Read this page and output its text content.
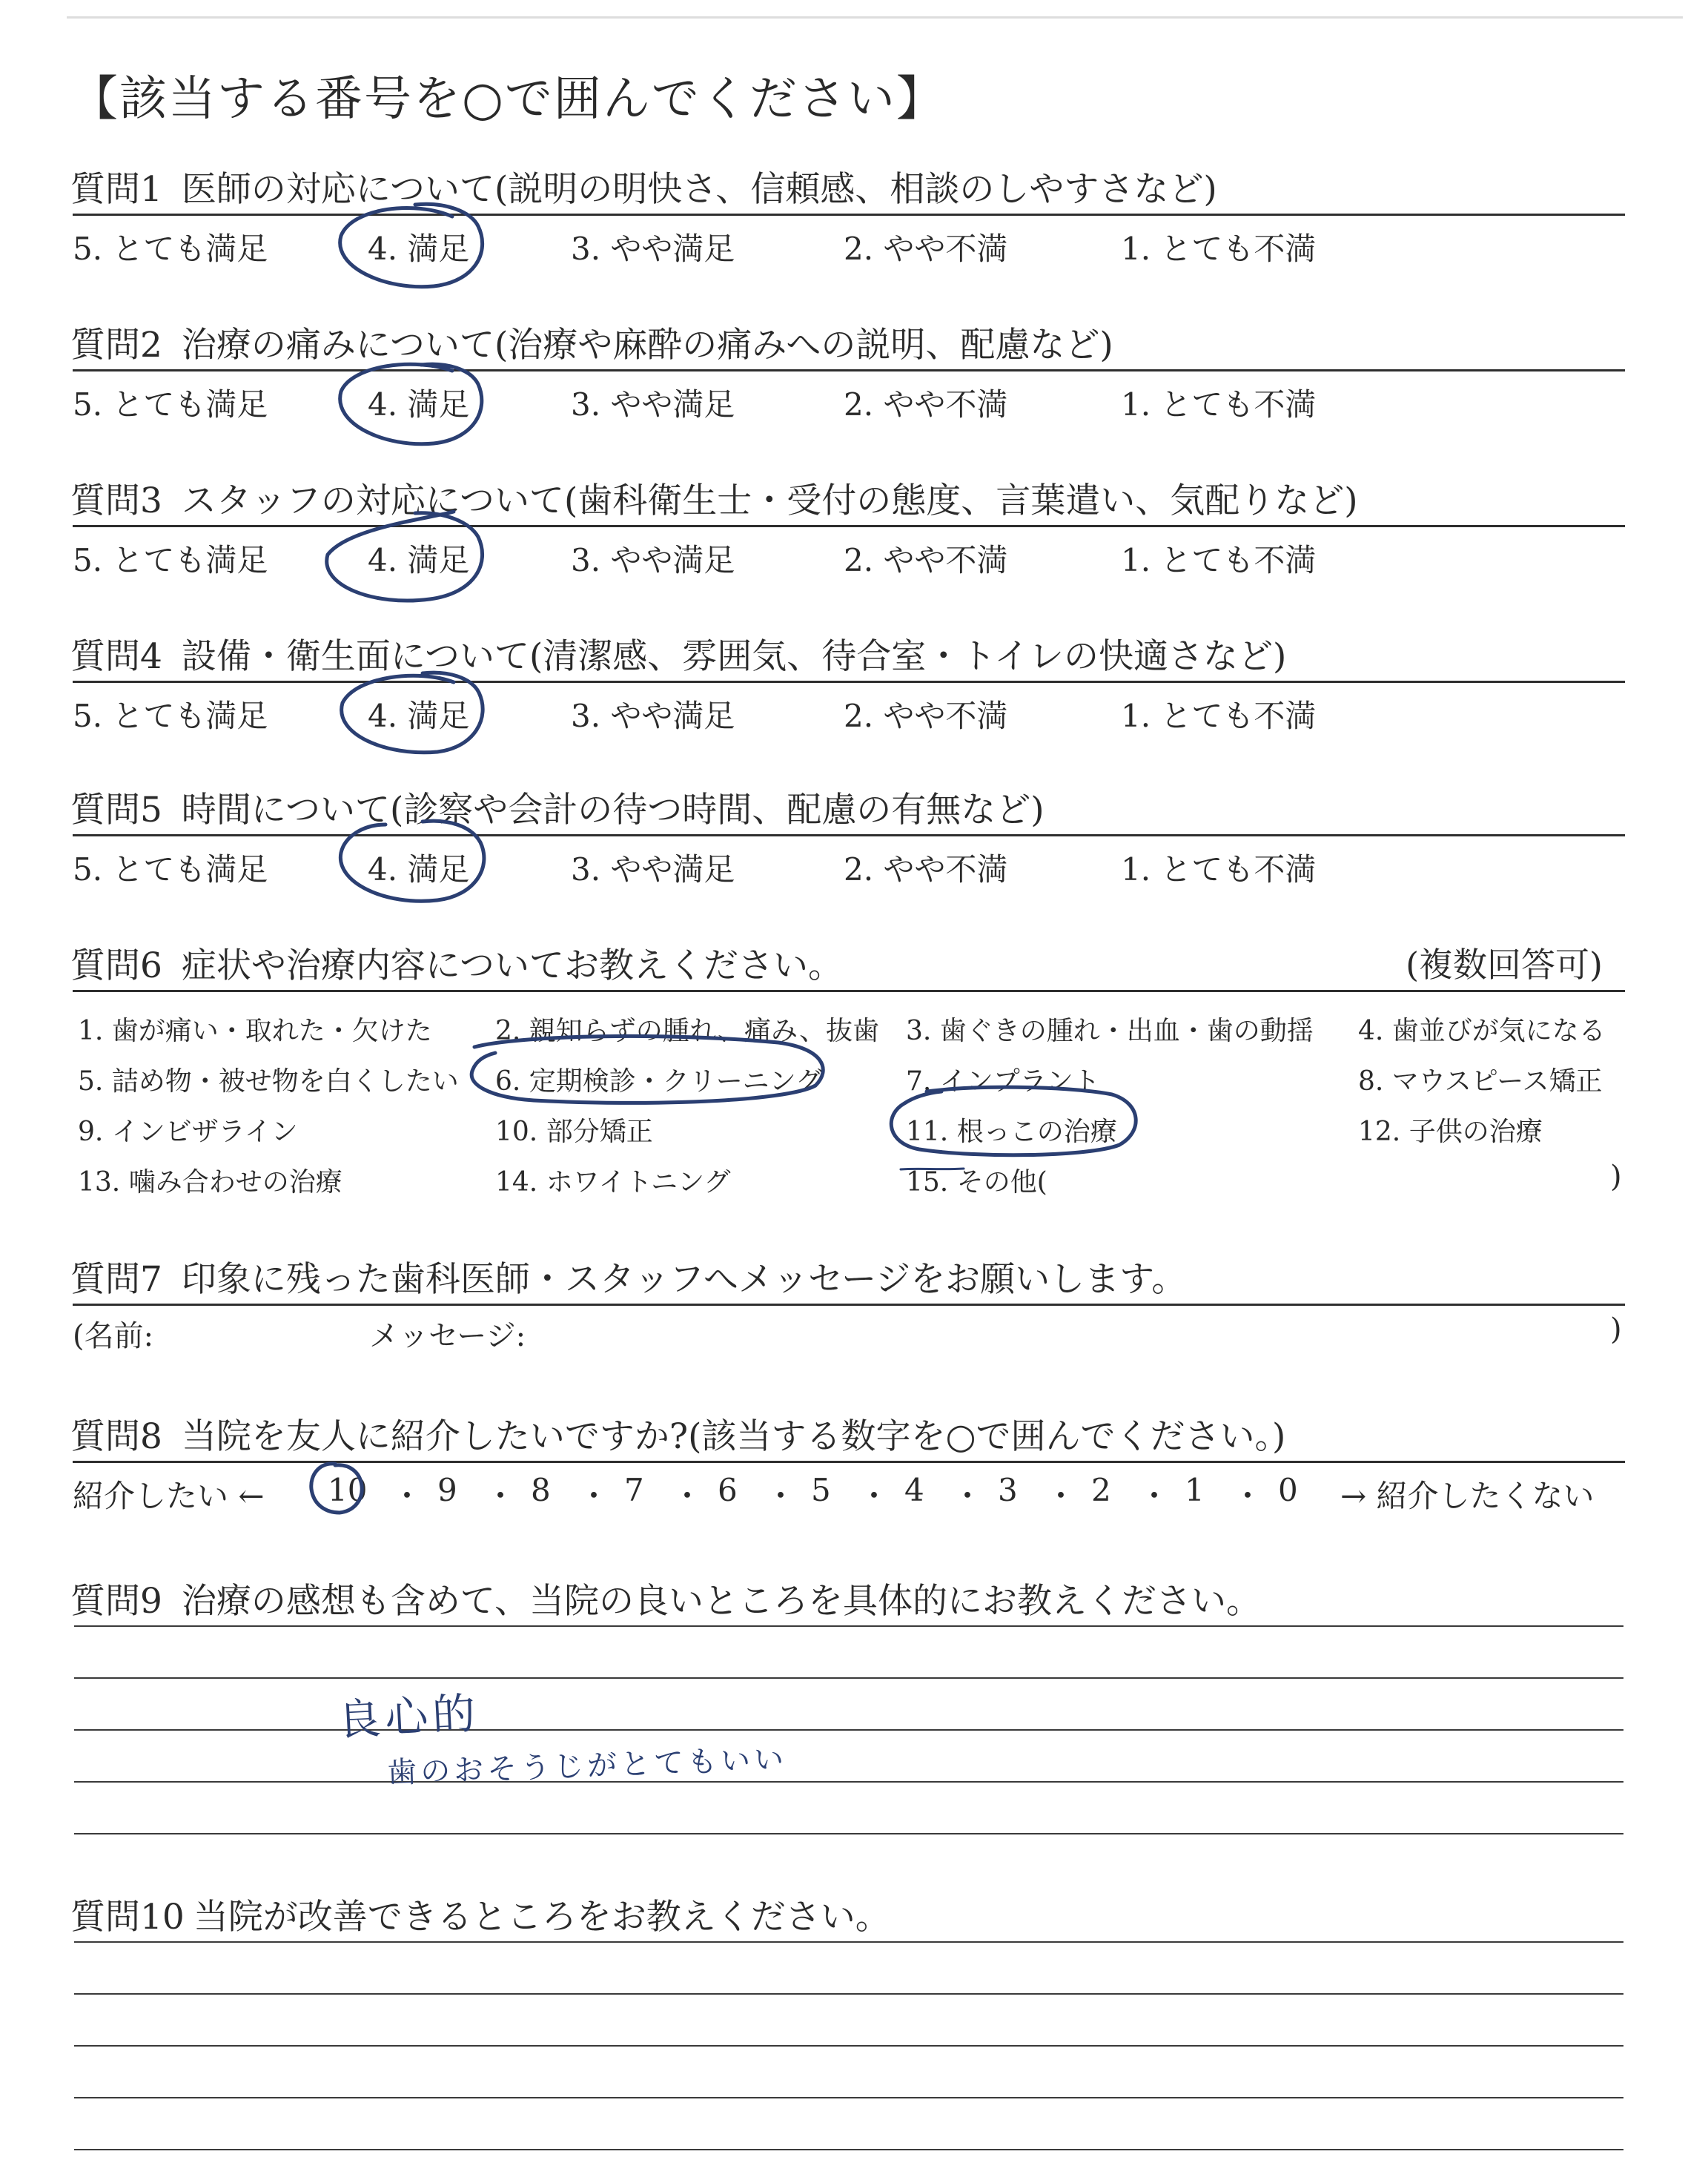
【該当する番号を○で囲んでください】
質問1 医師の対応について(説明の明快さ、信頼感、相談のしやすさなど)
5. とても満足	4. 満足	3. やや満足	2. やや不満	1. とても不満
質問2 治療の痛みについて(治療や麻酔の痛みへの説明、配慮など)
5. とても満足	4. 満足	3. やや満足	2. やや不満	1. とても不満
質問3 スタッフの対応について(歯科衛生士・受付の態度、言葉遣い、気配りなど)
5. とても満足	4. 満足	3. やや満足	2. やや不満	1. とても不満
質問4 設備・衛生面について(清潔感、雰囲気、待合室・トイレの快適さなど)
5. とても満足	4. 満足	3. やや満足	2. やや不満	1. とても不満
質問5 時間について(診察や会計の待つ時間、配慮の有無など)
5. とても満足	4. 満足	3. やや満足	2. やや不満	1. とても不満
質問6 症状や治療内容についてお教えください。	(複数回答可)
1. 歯が痛い・取れた・欠けた 2. 親知らずの腫れ、痛み、抜歯 3. 歯ぐきの腫れ・出血・歯の動揺 4. 歯並びが気になる
5. 詰め物・被せ物を白くしたい 6. 定期検診・クリーニング	7. インプラント	8. マウスピース矯正
9. インビザライン	10. 部分矯正	11. 根っこの治療	12. 子供の治療
13. 噛み合わせの治療	14. ホワイトニング	15. その他(	)
質問7 印象に残った歯科医師・スタッフへメッセージをお願いします。
(名前:	メッセージ:	)
質問8 当院を友人に紹介したいですか?(該当する数字を○で囲んでください。)
紹介したい ← 10 ・ 9 ・ 8 ・ 7 ・ 6 ・ 5 ・ 4 ・ 3 ・ 2 ・ 1 ・ 0 → 紹介したくない
質問9 治療の感想も含めて、当院の良いところを具体的にお教えください。
良心的
歯のおそうじがとてもいい
質問10 当院が改善できるところをお教えください。
